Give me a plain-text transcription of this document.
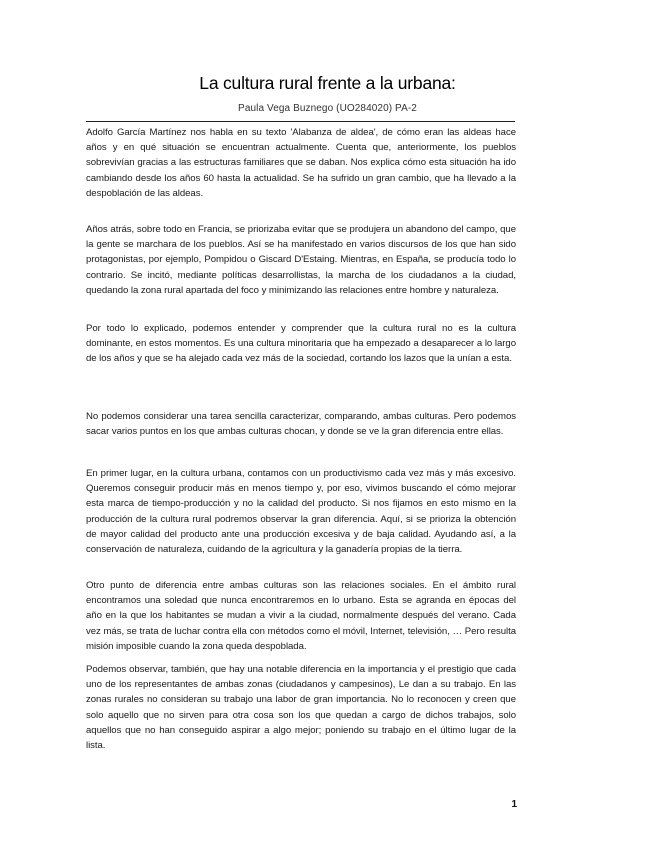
La cultura rural frente a la urbana:
Paula Vega Buznego (UO284020) PA-2

Adolfo García Martínez nos habla en su texto 'Alabanza de aldea', de cómo eran las aldeas hace años y en qué situación se encuentran actualmente. Cuenta que, anteriormente, los pueblos sobrevivían gracias a las estructuras familiares que se daban. Nos explica cómo esta situación ha ido cambiando desde los años 60 hasta la actualidad. Se ha sufrido un gran cambio, que ha llevado a la despoblación de las aldeas.

Años atrás, sobre todo en Francia, se priorizaba evitar que se produjera un abandono del campo, que la gente se marchara de los pueblos. Así se ha manifestado en varios discursos de los que han sido protagonistas, por ejemplo, Pompidou o Giscard D'Estaing. Mientras, en España, se producía todo lo contrario. Se incitó, mediante políticas desarrollistas, la marcha de los ciudadanos a la ciudad, quedando la zona rural apartada del foco y minimizando las relaciones entre hombre y naturaleza.

Por todo lo explicado, podemos entender y comprender que la cultura rural no es la cultura dominante, en estos momentos. Es una cultura minoritaria que ha empezado a desaparecer a lo largo de los años y que se ha alejado cada vez más de la sociedad, cortando los lazos que la unían a esta.

No podemos considerar una tarea sencilla caracterizar, comparando, ambas culturas. Pero podemos sacar varios puntos en los que ambas culturas chocan, y donde se ve la gran diferencia entre ellas.

En primer lugar, en la cultura urbana, contamos con un productivismo cada vez más y más excesivo. Queremos conseguir producir más en menos tiempo y, por eso, vivimos buscando el cómo mejorar esta marca de tiempo-producción y no la calidad del producto. Si nos fijamos en esto mismo en la producción de la cultura rural podremos observar la gran diferencia. Aquí, si se prioriza la obtención de mayor calidad del producto ante una producción excesiva y de baja calidad. Ayudando así, a la conservación de naturaleza, cuidando de la agricultura y la ganadería propias de la tierra.

Otro punto de diferencia entre ambas culturas son las relaciones sociales. En el ámbito rural encontramos una soledad que nunca encontraremos en lo urbano. Esta se agranda en épocas del año en la que los habitantes se mudan a vivir a la ciudad, normalmente después del verano. Cada vez más, se trata de luchar contra ella con métodos como el móvil, Internet, televisión, … Pero resulta misión imposible cuando la zona queda despoblada.

Podemos observar, también, que hay una notable diferencia en la importancia y el prestigio que cada uno de los representantes de ambas zonas (ciudadanos y campesinos), Le dan a su trabajo. En las zonas rurales no consideran su trabajo una labor de gran importancia. No lo reconocen y creen que solo aquello que no sirven para otra cosa son los que quedan a cargo de dichos trabajos, solo aquellos que no han conseguido aspirar a algo mejor; poniendo su trabajo en el último lugar de la lista.

1
